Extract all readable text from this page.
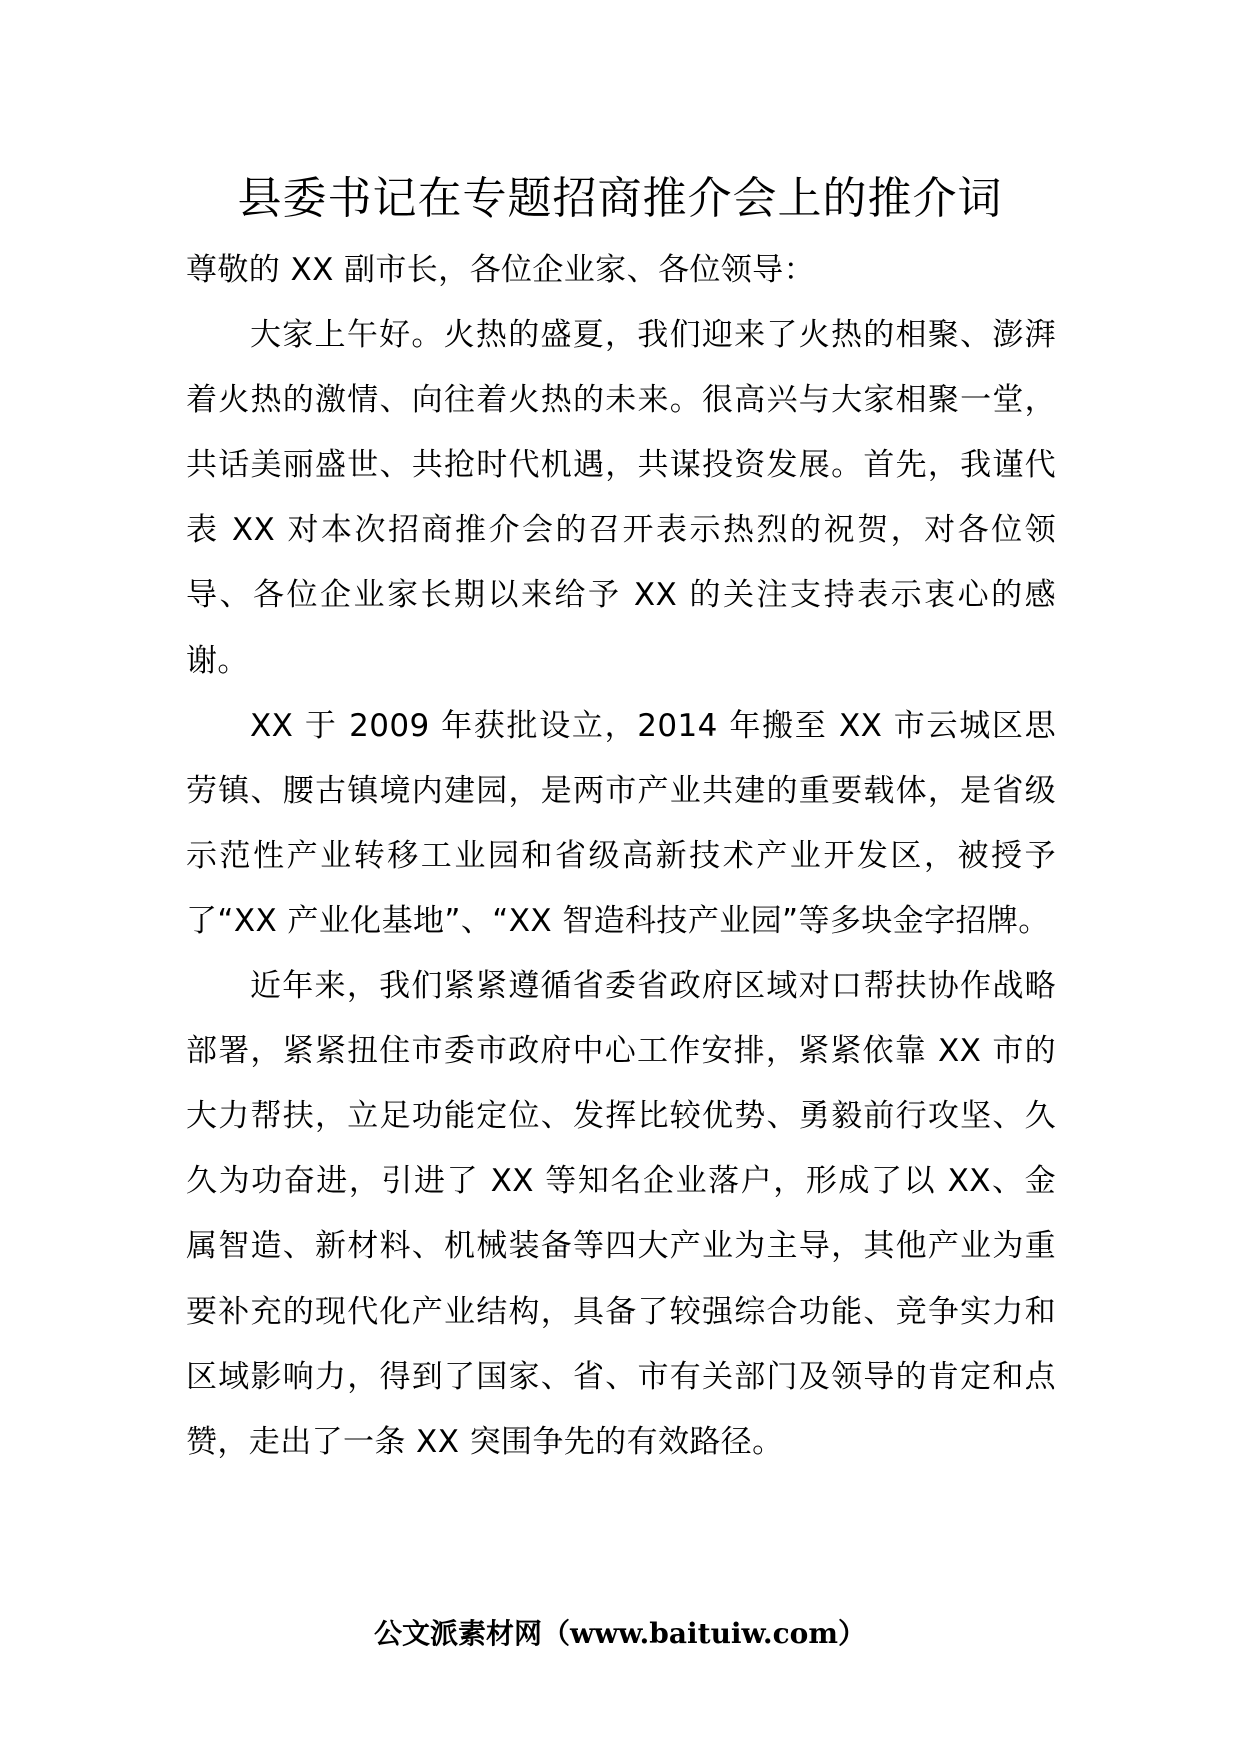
县委书记在专题招商推介会上的推介词

尊敬的 XX 副市长，各位企业家、各位领导：

大家上午好。火热的盛夏，我们迎来了火热的相聚、澎湃着火热的激情、向往着火热的未来。很高兴与大家相聚一堂，共话美丽盛世、共抢时代机遇，共谋投资发展。首先，我谨代表 XX 对本次招商推介会的召开表示热烈的祝贺，对各位领导、各位企业家长期以来给予 XX 的关注支持表示衷心的感谢。

XX 于 2009 年获批设立，2014 年搬至 XX 市云城区思劳镇、腰古镇境内建园，是两市产业共建的重要载体，是省级示范性产业转移工业园和省级高新技术产业开发区，被授予了“XX 产业化基地”、“XX 智造科技产业园”等多块金字招牌。

近年来，我们紧紧遵循省委省政府区域对口帮扶协作战略部署，紧紧扭住市委市政府中心工作安排，紧紧依靠 XX 市的大力帮扶，立足功能定位、发挥比较优势、勇毅前行攻坚、久久为功奋进，引进了 XX 等知名企业落户，形成了以 XX、金属智造、新材料、机械装备等四大产业为主导，其他产业为重要补充的现代化产业结构，具备了较强综合功能、竞争实力和区域影响力，得到了国家、省、市有关部门及领导的肯定和点赞，走出了一条 XX 突围争先的有效路径。

公文派素材网（www.baituiw.com）
